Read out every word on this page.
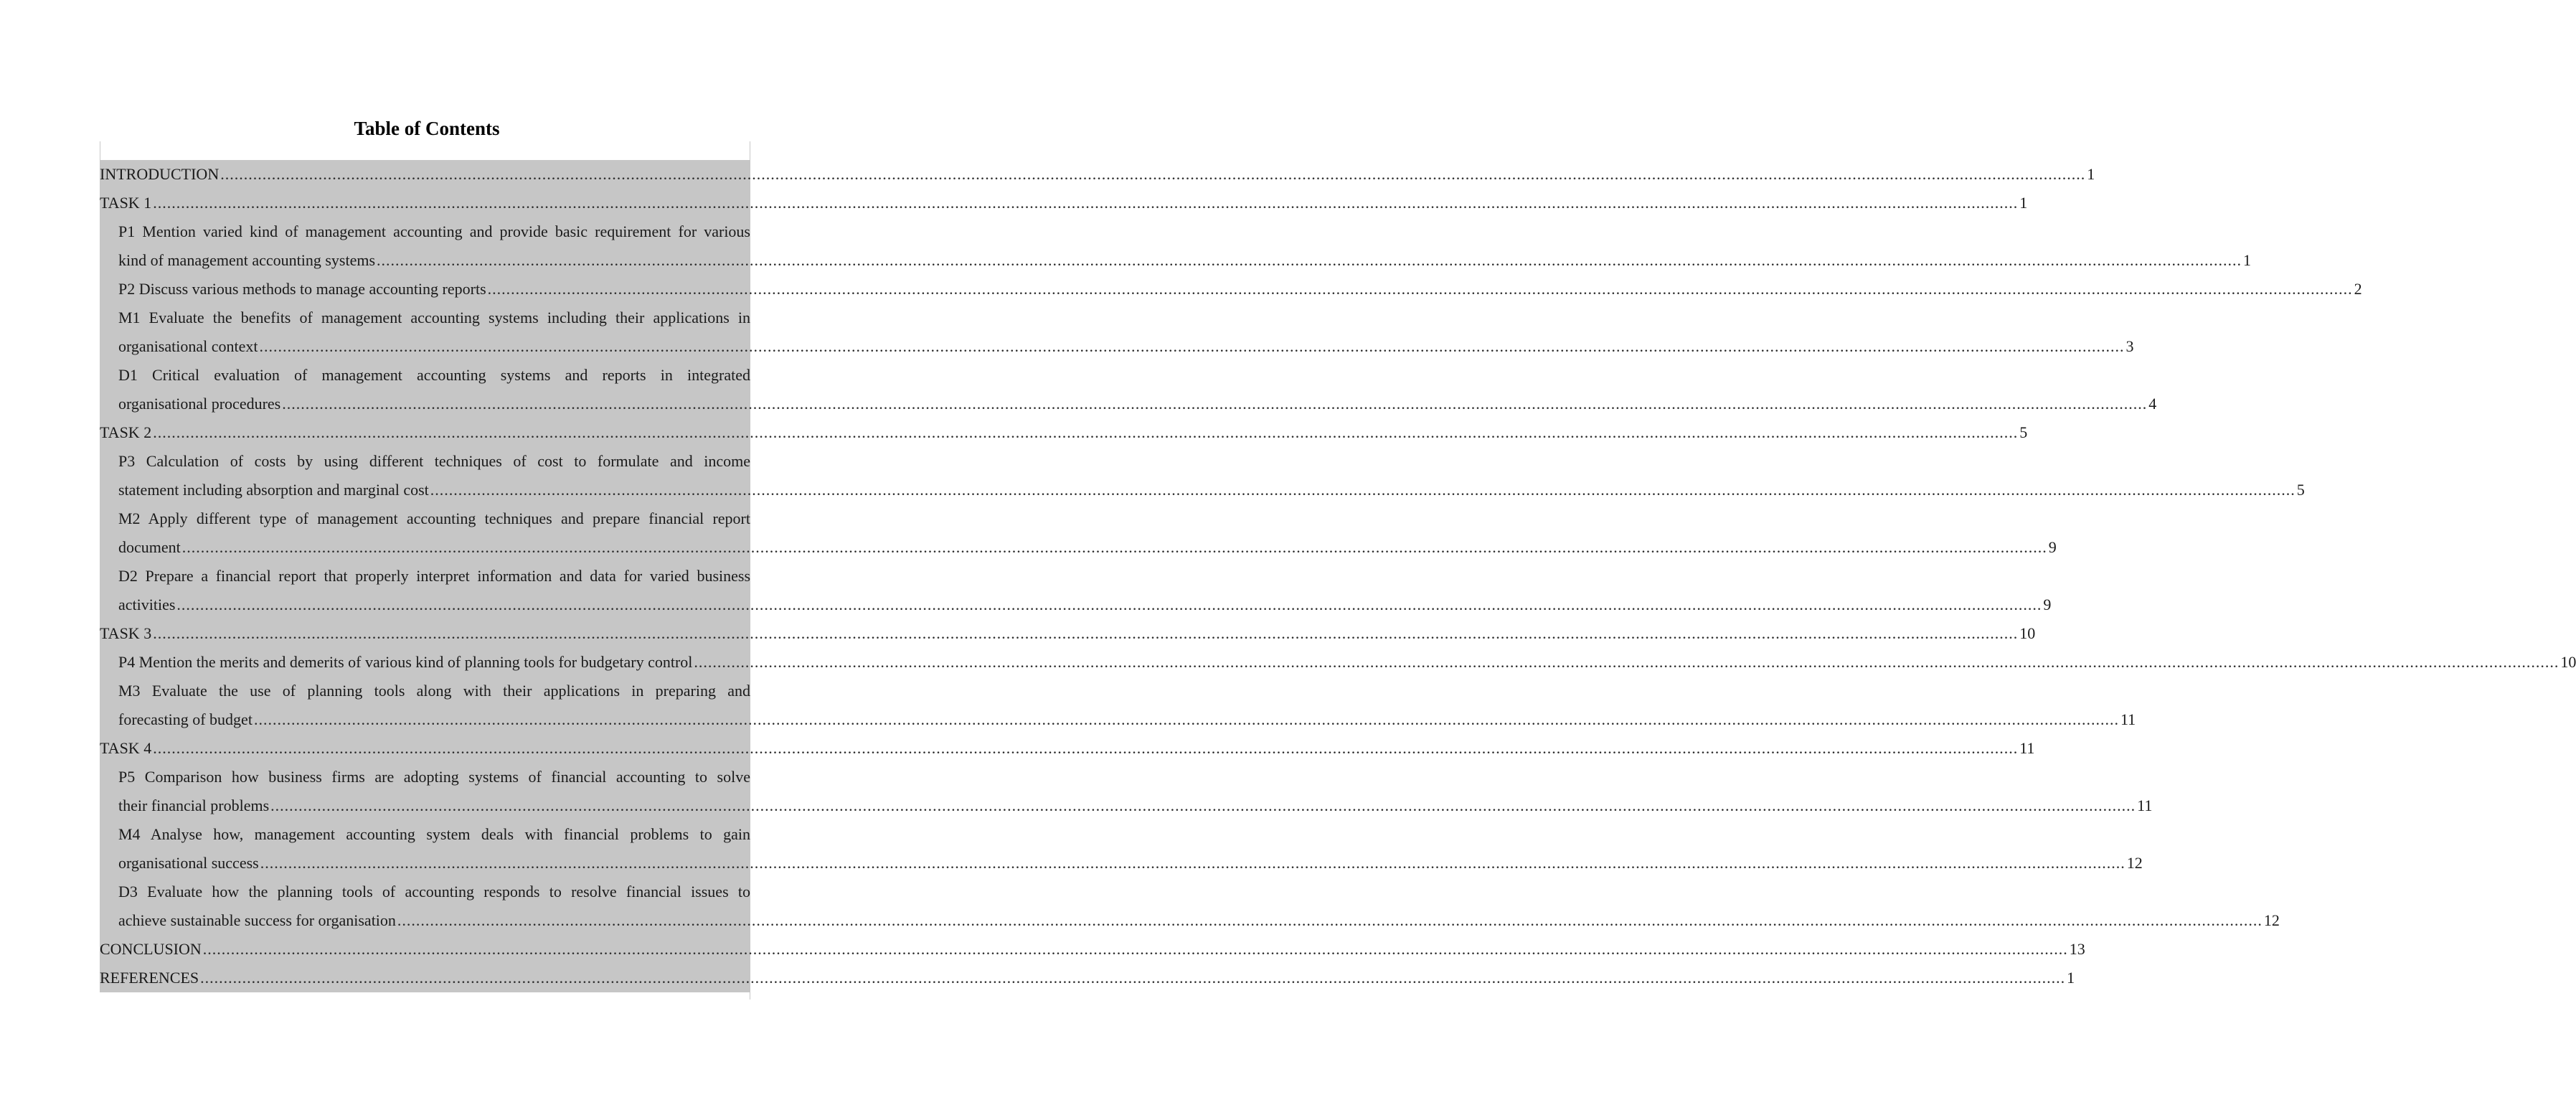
Table of Contents
INTRODUCTION ................................................................................................................................................................................................................................................................................................................................................................................................................ 1
TASK 1 ................................................................................................................................................................................................................................................................................................................................................................................................................ 1
P1 Mention varied kind of management accounting and provide basic requirement for various
kind of management accounting systems ................................................................................................................................................................................................................................................................................................................................................................................................................ 1
P2 Discuss various methods to manage accounting reports ................................................................................................................................................................................................................................................................................................................................................................................................................ 2
M1 Evaluate the benefits of management accounting systems including their applications in
organisational context ................................................................................................................................................................................................................................................................................................................................................................................................................ 3
D1 Critical evaluation of management accounting systems and reports in integrated
organisational procedures ................................................................................................................................................................................................................................................................................................................................................................................................................ 4
TASK 2 ................................................................................................................................................................................................................................................................................................................................................................................................................ 5
P3 Calculation of costs by using different techniques of cost to formulate and income
statement including absorption and marginal cost ................................................................................................................................................................................................................................................................................................................................................................................................................ 5
M2 Apply different type of management accounting techniques and prepare financial report
document ................................................................................................................................................................................................................................................................................................................................................................................................................ 9
D2 Prepare a financial report that properly interpret information and data for varied business
activities ................................................................................................................................................................................................................................................................................................................................................................................................................ 9
TASK 3 ................................................................................................................................................................................................................................................................................................................................................................................................................ 10
P4 Mention the merits and demerits of various kind of planning tools for budgetary control ................................................................................................................................................................................................................................................................................................................................................................................................................ 10
M3 Evaluate the use of planning tools along with their applications in preparing and
forecasting of budget ................................................................................................................................................................................................................................................................................................................................................................................................................ 11
TASK 4 ................................................................................................................................................................................................................................................................................................................................................................................................................ 11
P5 Comparison how business firms are adopting systems of financial accounting to solve
their financial problems ................................................................................................................................................................................................................................................................................................................................................................................................................ 11
M4 Analyse how, management accounting system deals with financial problems to gain
organisational success ................................................................................................................................................................................................................................................................................................................................................................................................................ 12
D3 Evaluate how the planning tools of accounting responds to resolve financial issues to
achieve sustainable success for organisation ................................................................................................................................................................................................................................................................................................................................................................................................................ 12
CONCLUSION ................................................................................................................................................................................................................................................................................................................................................................................................................ 13
REFERENCES ................................................................................................................................................................................................................................................................................................................................................................................................................ 1
